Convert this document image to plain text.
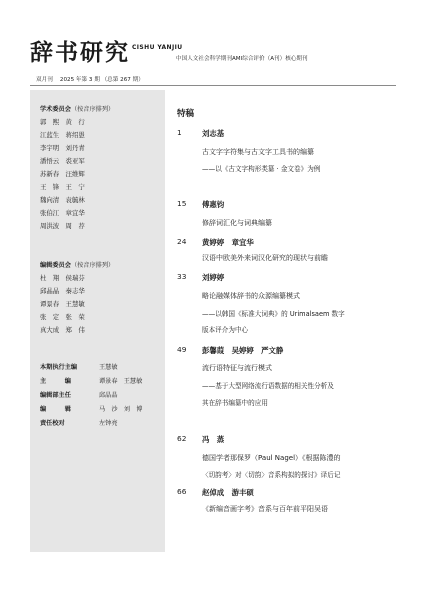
辞书研究 CISHU YANJIU
中国人文社会科学期刊AMI综合评价（A刊）核心期刊
双月刊    2025 年第 3 期 （总第 267 期）
学术委员会（按音序排列）
郭　熙　黄　行
江蓝生　蒋绍愚
李宇明　刘丹青
潘悟云　裘亚军
苏新春　汪维辉
王　锋　王　宁
魏向清　袁毓林
张伯江　章宜华
周洪波　周　荐
编辑委员会（按音序排列）
杜　翔　侯瑞芬
邱晶晶　秦志华
谭景春　王慧敏
张　定　张　荣
真大成　郑　伟
本期执行主编	王慧敏
主　　　编	谭景春　王慧敏
编辑部主任	邱晶晶
编　　　辑	马　沙　刘　博
责任校对	左钟亮
特稿
1	刘志基
古文字字符集与古文字工具书的编纂
——以《古文字构形类纂 · 金文卷》为例
15 傅惠钧
修辞词汇化与词典编纂
24 黄婷婷　章宜华
汉语中欧美外来词汉化研究的现状与前瞻
33 刘婷婷
略论融媒体辞书的众源编纂模式
——以韩国《标准大词典》的 Urimalsaem 数字
版本评介为中心
49 彭馨葭　吴婷婷　严文静
流行语特征与流行模式
——基于大型网络流行语数据的相关性分析及
其在辞书编纂中的应用
62 冯　蒸
德国学者那保罗（Paul Nagel）《根据陈澧的
〈切韵考〉对〈切韵〉音系构拟的探讨》译后记
66 赵倬成　游丰硕
《新编音画字考》音系与百年前平阳吴语
